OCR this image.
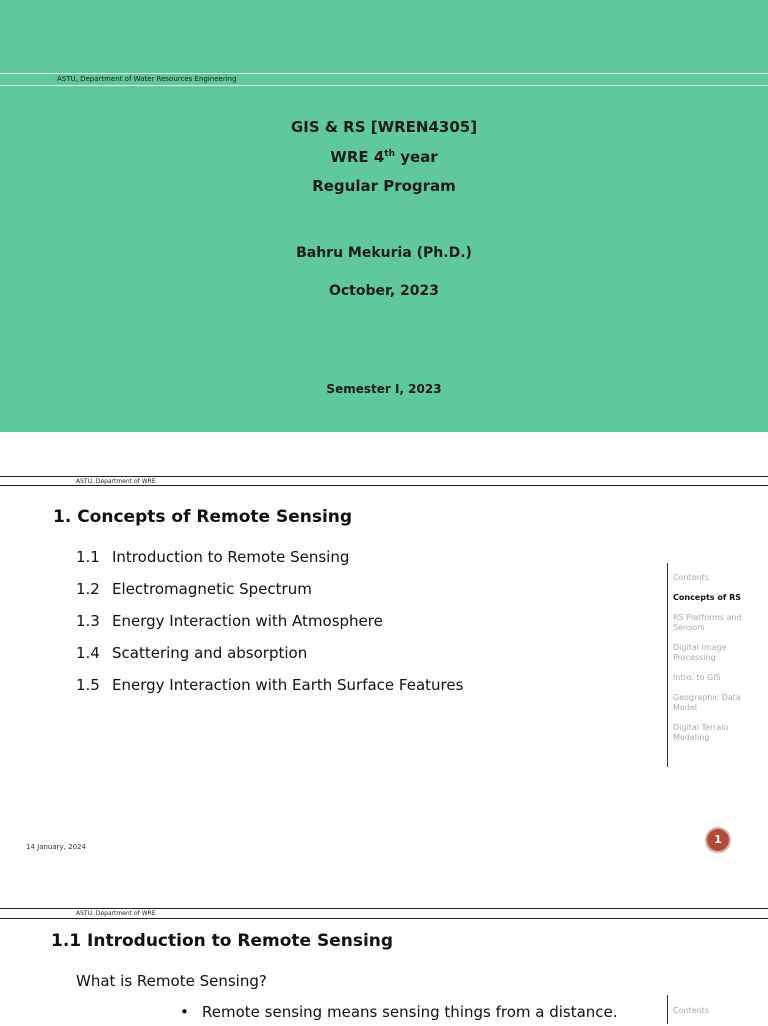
ASTU, Department of Water Resources Engineering
GIS & RS [WREN4305]
WRE 4th year
Regular Program
Bahru Mekuria (Ph.D.)
October, 2023
Semester I, 2023
ASTU, Department of WRE
1. Concepts of Remote Sensing
1.1 Introduction to Remote Sensing
1.2 Electromagnetic Spectrum
1.3 Energy Interaction with Atmosphere
1.4 Scattering and absorption
1.5 Energy Interaction with Earth Surface Features
Contents
Concepts of RS
RS Platforms and Sensors
Digital Image Processing
Intro. to GIS
Geographic Data Model
Digital Terrain Modeling
14 January, 2024
1
ASTU, Department of WRE
1.1 Introduction to Remote Sensing
What is Remote Sensing?
• Remote sensing means sensing things from a distance.	Contents
